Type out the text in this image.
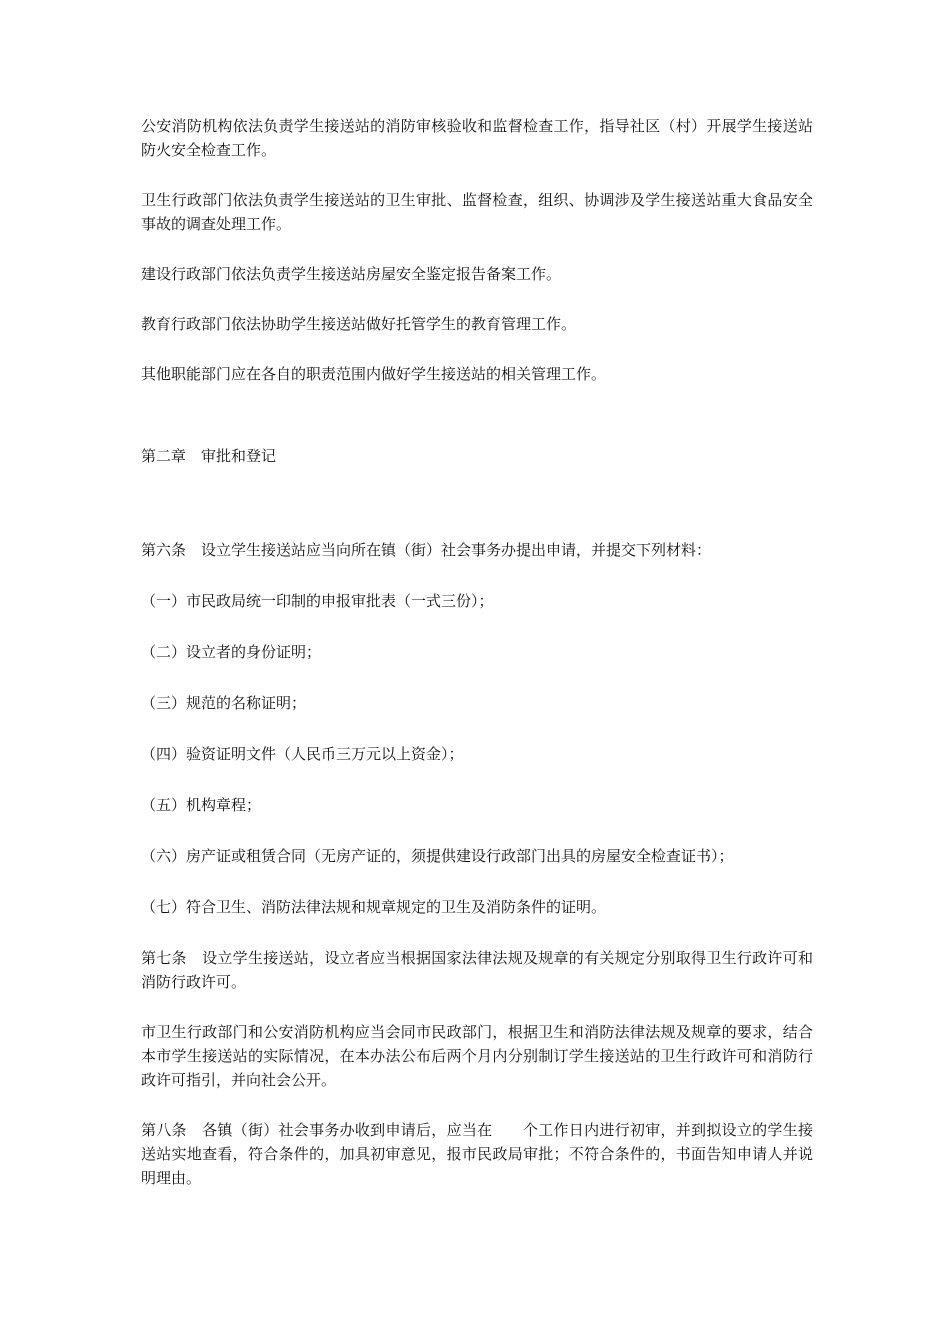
公安消防机构依法负责学生接送站的消防审核验收和监督检查工作，指导社区（村）开展学生接送站防火安全检查工作。

卫生行政部门依法负责学生接送站的卫生审批、监督检查，组织、协调涉及学生接送站重大食品安全事故的调查处理工作。

建设行政部门依法负责学生接送站房屋安全鉴定报告备案工作。

教育行政部门依法协助学生接送站做好托管学生的教育管理工作。

其他职能部门应在各自的职责范围内做好学生接送站的相关管理工作。

第二章　审批和登记

第六条　设立学生接送站应当向所在镇（街）社会事务办提出申请，并提交下列材料：

（一）市民政局统一印制的申报审批表（一式三份）；

（二）设立者的身份证明；

（三）规范的名称证明；

（四）验资证明文件（人民币三万元以上资金）；

（五）机构章程；

（六）房产证或租赁合同（无房产证的，须提供建设行政部门出具的房屋安全检查证书）；

（七）符合卫生、消防法律法规和规章规定的卫生及消防条件的证明。

第七条　设立学生接送站，设立者应当根据国家法律法规及规章的有关规定分别取得卫生行政许可和消防行政许可。

市卫生行政部门和公安消防机构应当会同市民政部门，根据卫生和消防法律法规及规章的要求，结合本市学生接送站的实际情况，在本办法公布后两个月内分别制订学生接送站的卫生行政许可和消防行政许可指引，并向社会公开。

第八条　各镇（街）社会事务办收到申请后，应当在　　个工作日内进行初审，并到拟设立的学生接送站实地查看，符合条件的，加具初审意见，报市民政局审批；不符合条件的，书面告知申请人并说明理由。
